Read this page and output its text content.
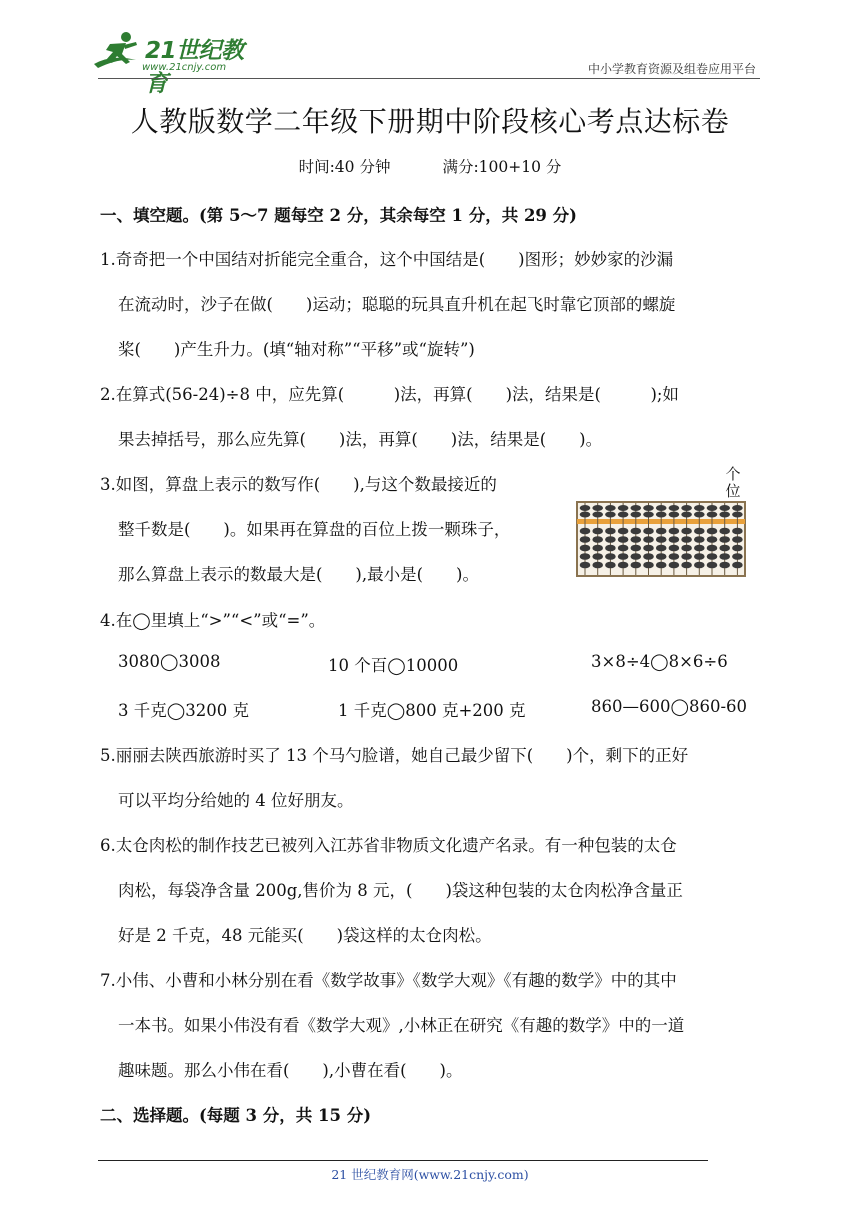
21世纪教育
www.21cnjy.com	中小学教育资源及组卷应用平台
人教版数学二年级下册期中阶段核心考点达标卷
时间:40 分钟	满分:100+10 分
一、填空题。(第 5～7 题每空 2 分，其余每空 1 分，共 29 分)
1.奇奇把一个中国结对折能完全重合，这个中国结是(　　)图形；妙妙家的沙漏
在流动时，沙子在做(　　)运动；聪聪的玩具直升机在起飞时靠它顶部的螺旋
桨(　　)产生升力。(填“轴对称”“平移”或“旋转”)
2.在算式(56-24)÷8 中，应先算(　　　)法，再算(　　)法，结果是(　　　);如
果去掉括号，那么应先算(　　)法，再算(　　)法，结果是(　　)。
3.如图，算盘上表示的数写作(　　),与这个数最接近的
整千数是(　　)。如果再在算盘的百位上拨一颗珠子，
那么算盘上表示的数最大是(　　),最小是(　　)。
个位
4.在◯里填上“>”“<”或“=”。
3080◯3008	10 个百◯10000	3×8÷4◯8×6÷6
3 千克◯3200 克	1 千克◯800 克+200 克	860—600◯860-60
5.丽丽去陕西旅游时买了 13 个马勺脸谱，她自己最少留下(　　)个，剩下的正好
可以平均分给她的 4 位好朋友。
6.太仓肉松的制作技艺已被列入江苏省非物质文化遗产名录。有一种包装的太仓
肉松，每袋净含量 200g,售价为 8 元，(　　)袋这种包装的太仓肉松净含量正
好是 2 千克，48 元能买(　　)袋这样的太仓肉松。
7.小伟、小曹和小林分别在看《数学故事》《数学大观》《有趣的数学》中的其中
一本书。如果小伟没有看《数学大观》,小林正在研究《有趣的数学》中的一道
趣味题。那么小伟在看(　　),小曹在看(　　)。
二、选择题。(每题 3 分，共 15 分)
21 世纪教育网(www.21cnjy.com)
